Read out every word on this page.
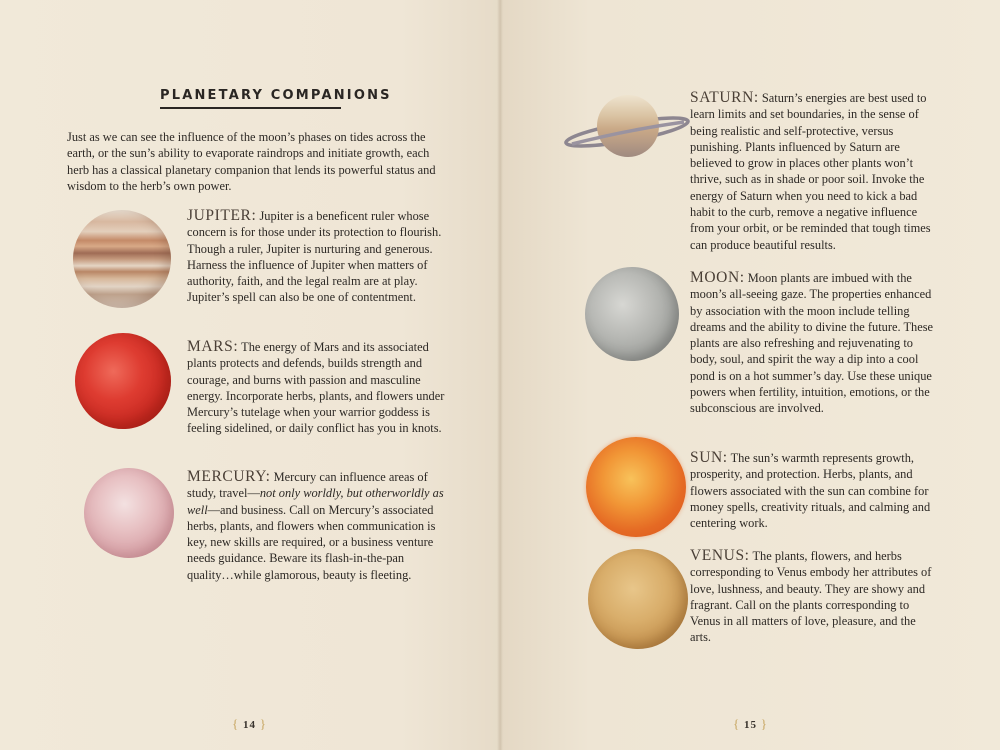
PLANETARY COMPANIONS

Just as we can see the influence of the moon’s phases on tides across the earth, or the sun’s ability to evaporate raindrops and initiate growth, each herb has a classical planetary companion that lends its powerful status and wisdom to the herb’s own power.

JUPITER: Jupiter is a beneficent ruler whose concern is for those under its protection to flourish. Though a ruler, Jupiter is nurturing and generous. Harness the influence of Jupiter when matters of authority, faith, and the legal realm are at play. Jupiter’s spell can also be one of contentment.

MARS: The energy of Mars and its associated plants protects and defends, builds strength and courage, and burns with passion and masculine energy. Incorporate herbs, plants, and flowers under Mercury’s tutelage when your warrior goddess is feeling sidelined, or daily conflict has you in knots.

MERCURY: Mercury can influence areas of study, travel—not only worldly, but otherworldly as well—and business. Call on Mercury’s associated herbs, plants, and flowers when communication is key, new skills are required, or a business venture needs guidance. Beware its flash-in-the-pan quality…while glamorous, beauty is fleeting.

{ 14 }

SATURN: Saturn’s energies are best used to learn limits and set boundaries, in the sense of being realistic and self-protective, versus punishing. Plants influenced by Saturn are believed to grow in places other plants won’t thrive, such as in shade or poor soil. Invoke the energy of Saturn when you need to kick a bad habit to the curb, remove a negative influence from your orbit, or be reminded that tough times can produce beautiful results.

MOON: Moon plants are imbued with the moon’s all-seeing gaze. The properties enhanced by association with the moon include telling dreams and the ability to divine the future. These plants are also refreshing and rejuvenating to body, soul, and spirit the way a dip into a cool pond is on a hot summer’s day. Use these unique powers when fertility, intuition, emotions, or the subconscious are involved.

SUN: The sun’s warmth represents growth, prosperity, and protection. Herbs, plants, and flowers associated with the sun can combine for money spells, creativity rituals, and calming and centering work.

VENUS: The plants, flowers, and herbs corresponding to Venus embody her attributes of love, lushness, and beauty. They are showy and fragrant. Call on the plants corresponding to Venus in all matters of love, pleasure, and the arts.

{ 15 }
